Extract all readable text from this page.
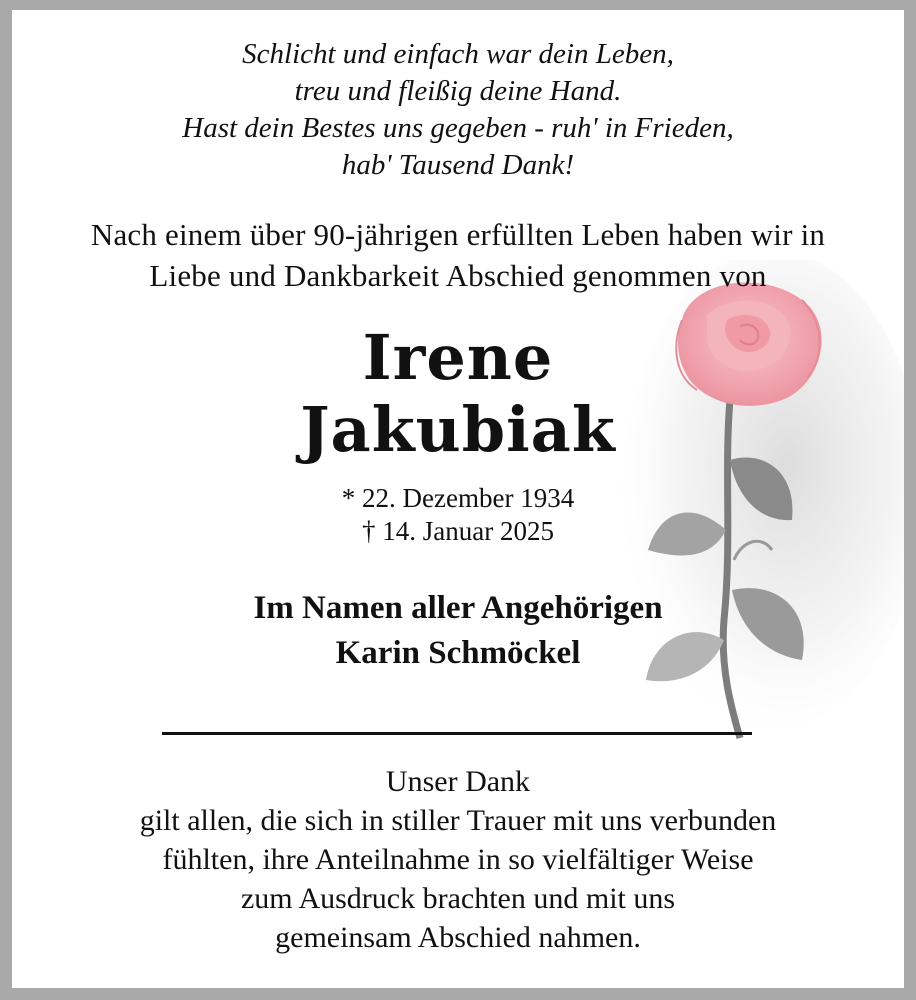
Schlicht und einfach war dein Leben,
treu und fleißig deine Hand.
Hast dein Bestes uns gegeben - ruh' in Frieden,
hab' Tausend Dank!
Nach einem über 90-jährigen erfüllten Leben haben wir in
Liebe und Dankbarkeit Abschied genommen von
Irene
Jakubiak
* 22. Dezember 1934
† 14. Januar 2025
Im Namen aller Angehörigen
Karin Schmöckel
Unser Dank
gilt allen, die sich in stiller Trauer mit uns verbunden
fühlten, ihre Anteilnahme in so vielfältiger Weise
zum Ausdruck brachten und mit uns
gemeinsam Abschied nahmen.
